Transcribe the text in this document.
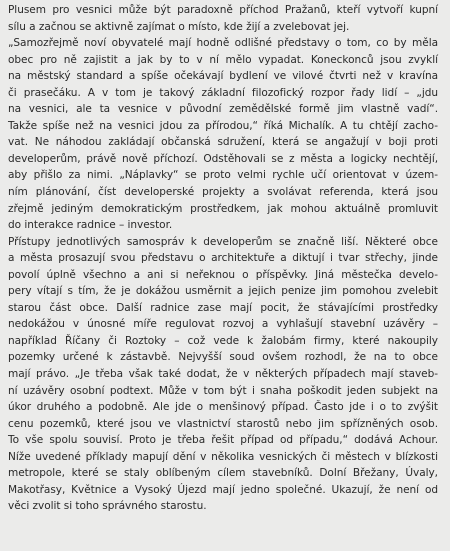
Plusem pro vesnici může být paradoxně příchod Pražanů, kteří vytvoří kupní
sílu a začnou se aktivně zajímat o místo, kde žijí a zvelebovat jej.
„Samozřejmě noví obyvatelé mají hodně odlišné představy o tom, co by měla
obec pro ně zajistit a jak by to v ní mělo vypadat. Koneckonců jsou zvyklí
na městský standard a spíše očekávají bydlení ve vilové čtvrti než v kravína
či prasečáku. A v tom je takový základní filozofický rozpor řady lidí – „jdu
na vesnici, ale ta vesnice v původní zemědělské formě jim vlastně vadí“.
Takže spíše než na vesnici jdou za přírodou,“ říká Michalík. A tu chtějí zacho-
vat. Ne náhodou zakládají občanská sdružení, která se angažují v boji proti
developerům, právě nově příchozí. Odstěhovali se z města a logicky nechtějí,
aby přišlo za nimi. „Náplavky“ se proto velmi rychle učí orientovat v územ-
ním plánování, číst developerské projekty a svolávat referenda, která jsou
zřejmě jediným demokratickým prostředkem, jak mohou aktuálně promluvit
do interakce radnice – investor.
Přístupy jednotlivých samospráv k developerům se značně liší. Některé obce
a města prosazují svou představu o architektuře a diktují i tvar střechy, jinde
povolí úplně všechno a ani si neřeknou o příspěvky. Jiná městečka develo-
pery vítají s tím, že je dokážou usměrnit a jejich penize jim pomohou zvelebit
starou část obce. Další radnice zase mají pocit, že stávajícími prostředky
nedokážou v únosné míře regulovat rozvoj a vyhlašují stavební uzávěry –
například Říčany či Roztoky – což vede k žalobám firmy, které nakoupily
pozemky určené k zástavbě. Nejvyšší soud ovšem rozhodl, že na to obce
mají právo. „Je třeba však také dodat, že v některých případech mají staveb-
ní uzávěry osobní podtext. Může v tom být i snaha poškodit jeden subjekt na
úkor druhého a podobně. Ale jde o menšinový případ. Často jde i o to zvýšit
cenu pozemků, které jsou ve vlastnictví starostů nebo jim spřízněných osob.
To vše spolu souvisí. Proto je třeba řešit případ od případu,“ dodává Achour.
Níže uvedené příklady mapují dění v několika vesnických či městech v blízkosti
metropole, které se staly oblíbeným cílem stavebníků. Dolní Břežany, Úvaly,
Makotřasy, Květnice a Vysoký Újezd mají jedno společné. Ukazují, že není od
věci zvolit si toho správného starostu.
